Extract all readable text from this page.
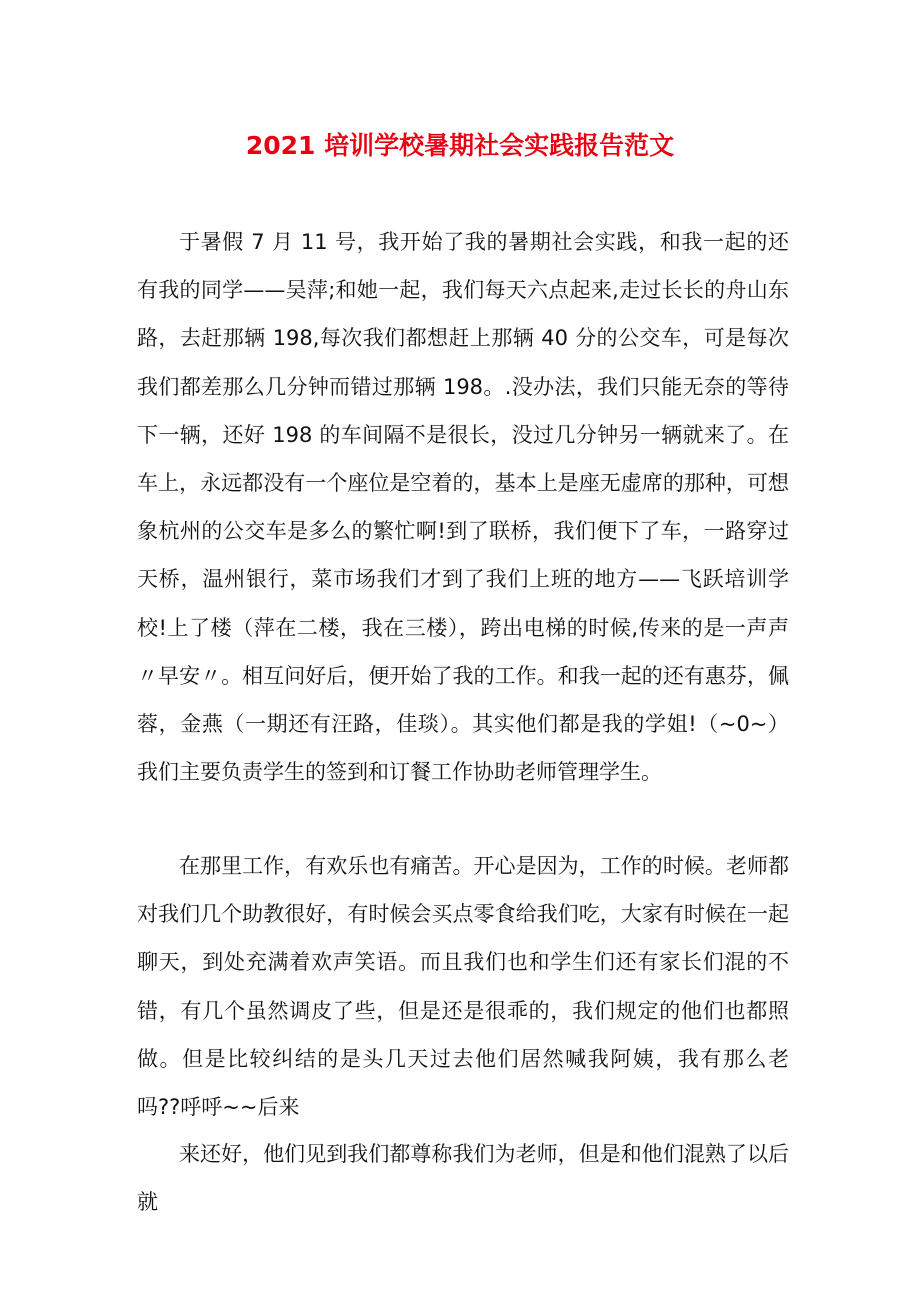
2021 培训学校暑期社会实践报告范文

于暑假 7 月 11 号，我开始了我的暑期社会实践，和我一起的还有我的同学——吴萍;和她一起，我们每天六点起来,走过长长的舟山东路，去赶那辆 198,每次我们都想赶上那辆 40 分的公交车，可是每次我们都差那么几分钟而错过那辆 198。.没办法，我们只能无奈的等待下一辆，还好 198 的车间隔不是很长，没过几分钟另一辆就来了。在车上，永远都没有一个座位是空着的，基本上是座无虚席的那种，可想象杭州的公交车是多么的繁忙啊!到了联桥，我们便下了车，一路穿过天桥，温州银行，菜市场我们才到了我们上班的地方——飞跃培训学校!上了楼（萍在二楼，我在三楼），跨出电梯的时候,传来的是一声声〃早安〃。相互问好后，便开始了我的工作。和我一起的还有惠芬，佩蓉，金燕（一期还有汪路，佳琰）。其实他们都是我的学姐!（~0~）我们主要负责学生的签到和订餐工作协助老师管理学生。

在那里工作，有欢乐也有痛苦。开心是因为，工作的时候。老师都对我们几个助教很好，有时候会买点零食给我们吃，大家有时候在一起聊天，到处充满着欢声笑语。而且我们也和学生们还有家长们混的不错，有几个虽然调皮了些，但是还是很乖的，我们规定的他们也都照做。但是比较纠结的是头几天过去他们居然喊我阿姨，我有那么老吗??呼呼~~后来

来还好，他们见到我们都尊称我们为老师，但是和他们混熟了以后就
